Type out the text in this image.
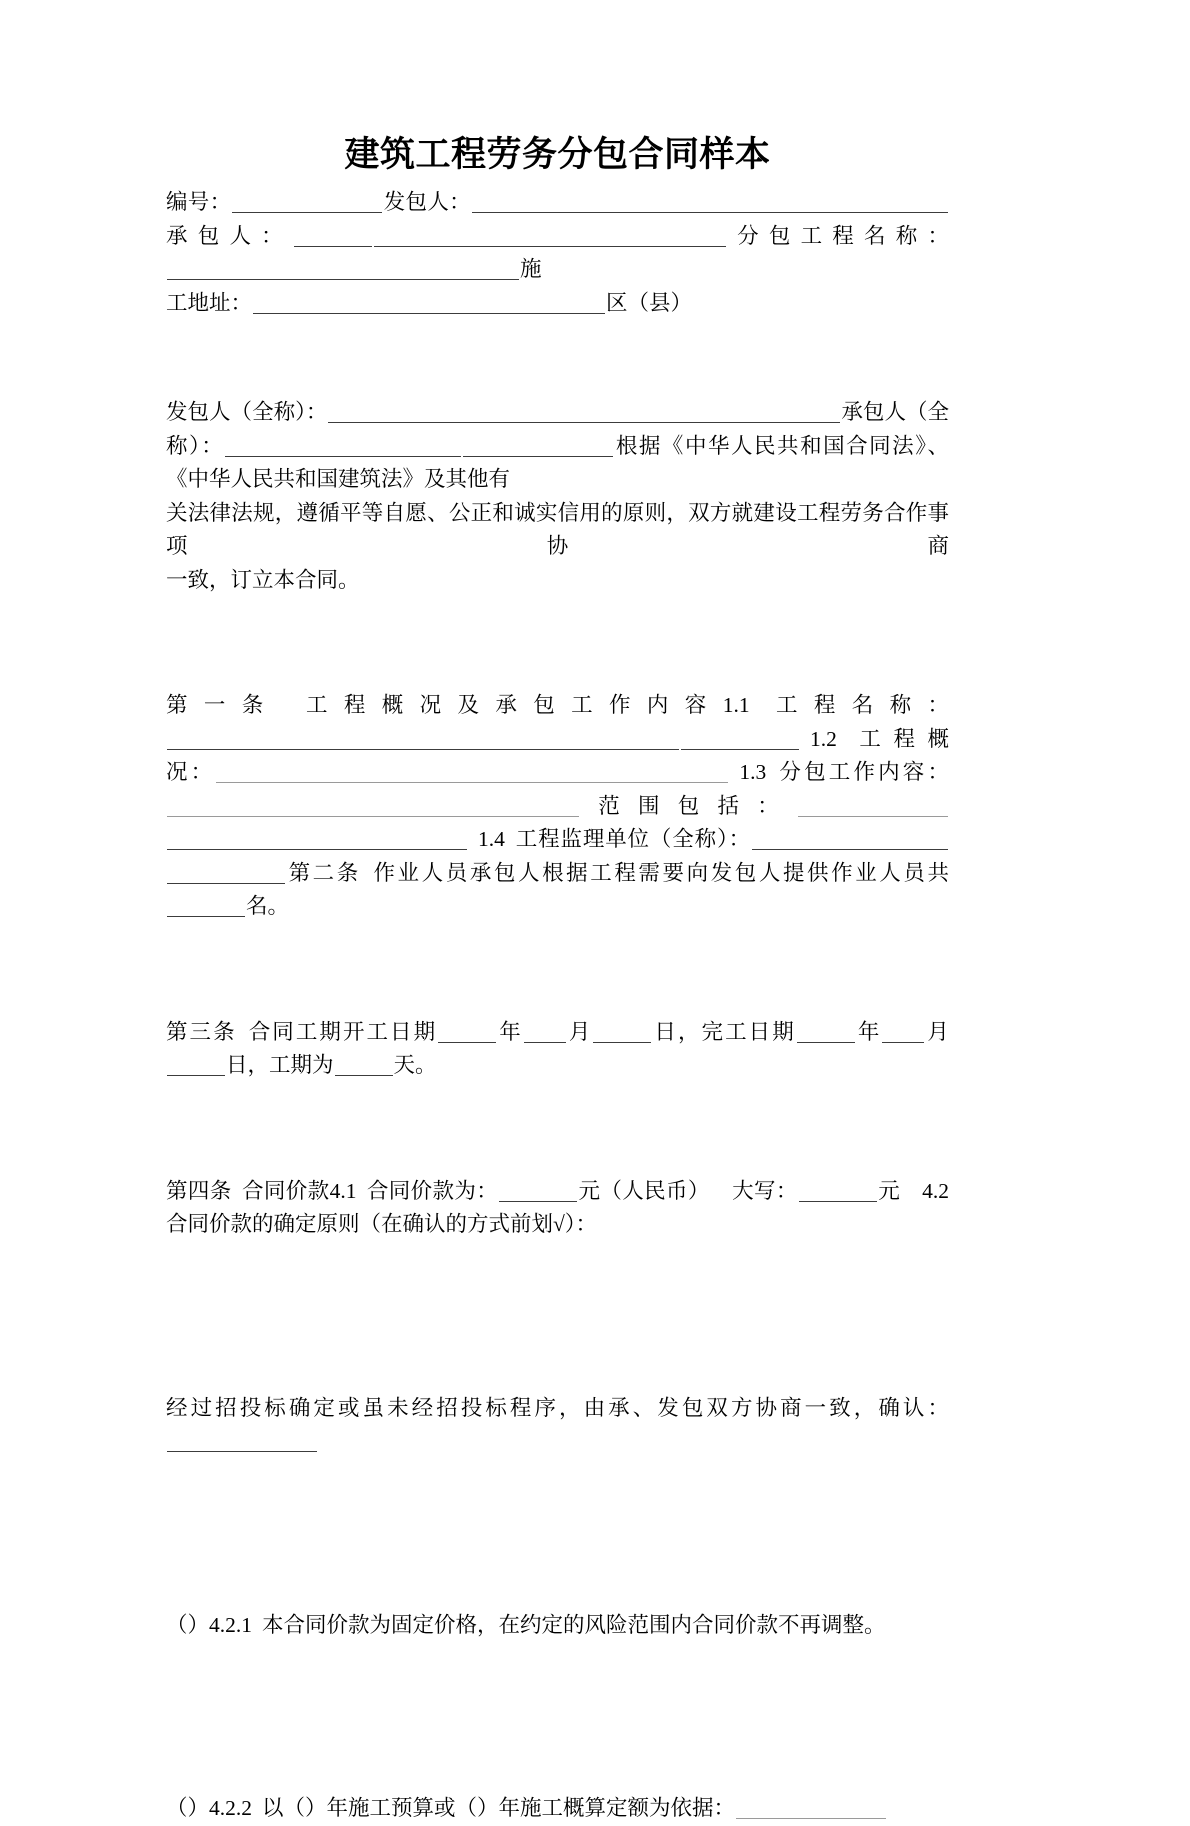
建筑工程劳务分包合同样本

编号：	发包人：承包人：	分包工程名称：施

工地址：	区（县）

发包人（全称）：	承包人（全称）：	根据《中华人民共和国合同法》、《中华人民共和国建筑法》及其他有

关法律法规，遵循平等自愿、公正和诚实信用的原则，双方就建设工程劳务合作事项协商

一致，订立本合同。

第一条 工程概况及承包工作内容1.1 工程名称：1.2 工程概况：	1.3 分包工作内容：范围包括：1.4 工程监理单位（全称）：第二条 作业人员承包人根据工程需要向发包人提供作业人员共名。

第三条 合同工期开工日期	年 月	日，完工日期	年 月日，工期为	天。

第四条 合同价款4.1 合同价款为：	元（人民币） 大写：	元 4.2合同价款的确定原则（在确认的方式前划√）：

经过招投标确定或虽未经招投标程序，由承、发包双方协商一致，确认：

（）4.2.1 本合同价款为固定价格，在约定的风险范围内合同价款不再调整。

（）4.2.2 以（）年施工预算或（）年施工概算定额为依据：
